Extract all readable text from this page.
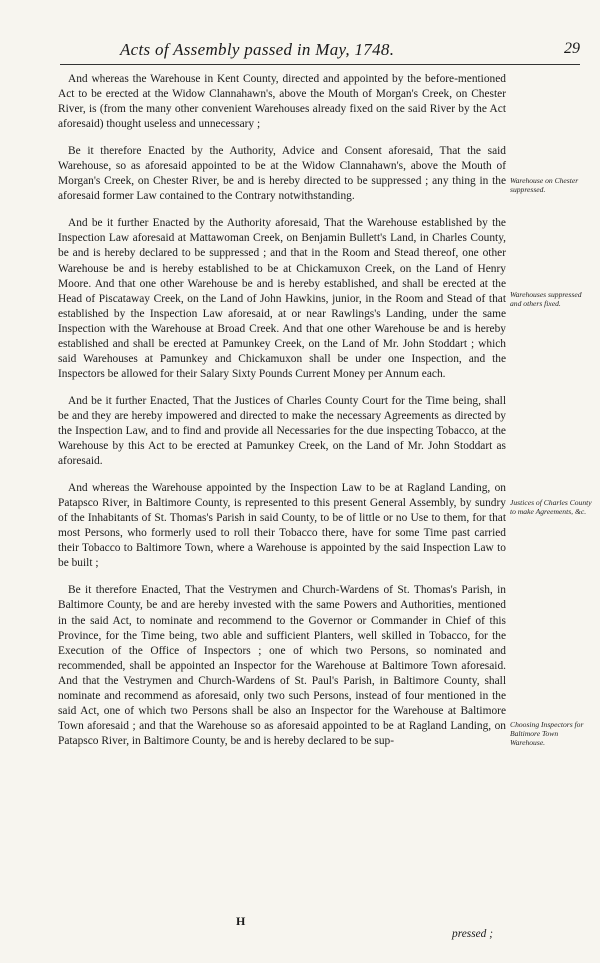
Acts of Assembly passed in May, 1748.	29

And whereas the Warehouse in Kent County, directed and appointed by the before-mentioned Act to be erected at the Widow Clannahawn's, above the Mouth of Morgan's Creek, on Chester River, is (from the many other convenient Warehouses already fixed on the said River by the Act aforesaid) thought useless and unnecessary ;

Be it therefore Enacted by the Authority, Advice and Consent aforesaid, That the said Warehouse, so as aforesaid appointed to be at the Widow Clannahawn's, above the Mouth of Morgan's Creek, on Chester River, be and is hereby directed to be suppressed ; any thing in the aforesaid former Law contained to the Contrary notwithstanding.

And be it further Enacted by the Authority aforesaid, That the Warehouse established by the Inspection Law aforesaid at Mattawoman Creek, on Benjamin Bullett's Land, in Charles County, be and is hereby declared to be suppressed ; and that in the Room and Stead thereof, one other Warehouse be and is hereby established to be at Chickamuxon Creek, on the Land of Henry Moore. And that one other Warehouse be and is hereby established, and shall be erected at the Head of Piscataway Creek, on the Land of John Hawkins, junior, in the Room and Stead of that established by the Inspection Law aforesaid, at or near Rawlings's Landing, under the same Inspection with the Warehouse at Broad Creek. And that one other Warehouse be and is hereby established and shall be erected at Pamunkey Creek, on the Land of Mr. John Stoddart ; which said Warehouses at Pamunkey and Chickamuxon shall be under one Inspection, and the Inspectors be allowed for their Salary Sixty Pounds Current Money per Annum each.

And be it further Enacted, That the Justices of Charles County Court for the Time being, shall be and they are hereby impowered and directed to make the necessary Agreements as directed by the Inspection Law, and to find and provide all Necessaries for the due inspecting Tobacco, at the Warehouse by this Act to be erected at Pamunkey Creek, on the Land of Mr. John Stoddart as aforesaid.

And whereas the Warehouse appointed by the Inspection Law to be at Ragland Landing, on Patapsco River, in Baltimore County, is represented to this present General Assembly, by sundry of the Inhabitants of St. Thomas's Parish in said County, to be of little or no Use to them, for that most Persons, who formerly used to roll their Tobacco there, have for some Time past carried their Tobacco to Baltimore Town, where a Warehouse is appointed by the said Inspection Law to be built ;

Be it therefore Enacted, That the Vestrymen and Church-Wardens of St. Thomas's Parish, in Baltimore County, be and are hereby invested with the same Powers and Authorities, mentioned in the said Act, to nominate and recommend to the Governor or Commander in Chief of this Province, for the Time being, two able and sufficient Planters, well skilled in Tobacco, for the Execution of the Office of Inspectors ; one of which two Persons, so nominated and recommended, shall be appointed an Inspector for the Warehouse at Baltimore Town aforesaid. And that the Vestrymen and Church-Wardens of St. Paul's Parish, in Baltimore County, shall nominate and recommend as aforesaid, only two such Persons, instead of four mentioned in the said Act, one of which two Persons shall be also an Inspector for the Warehouse at Baltimore Town aforesaid ; and that the Warehouse so as aforesaid appointed to be at Ragland Landing, on Patapsco River, in Baltimore County, be and is hereby declared to be sup-

Warehouse on Chester suppressed.
Warehouses suppressed and others fixed.
Justices of Charles County to make Agreements, &c.
Choosing Inspectors for Baltimore Town Warehouse.
H
pressed ;
